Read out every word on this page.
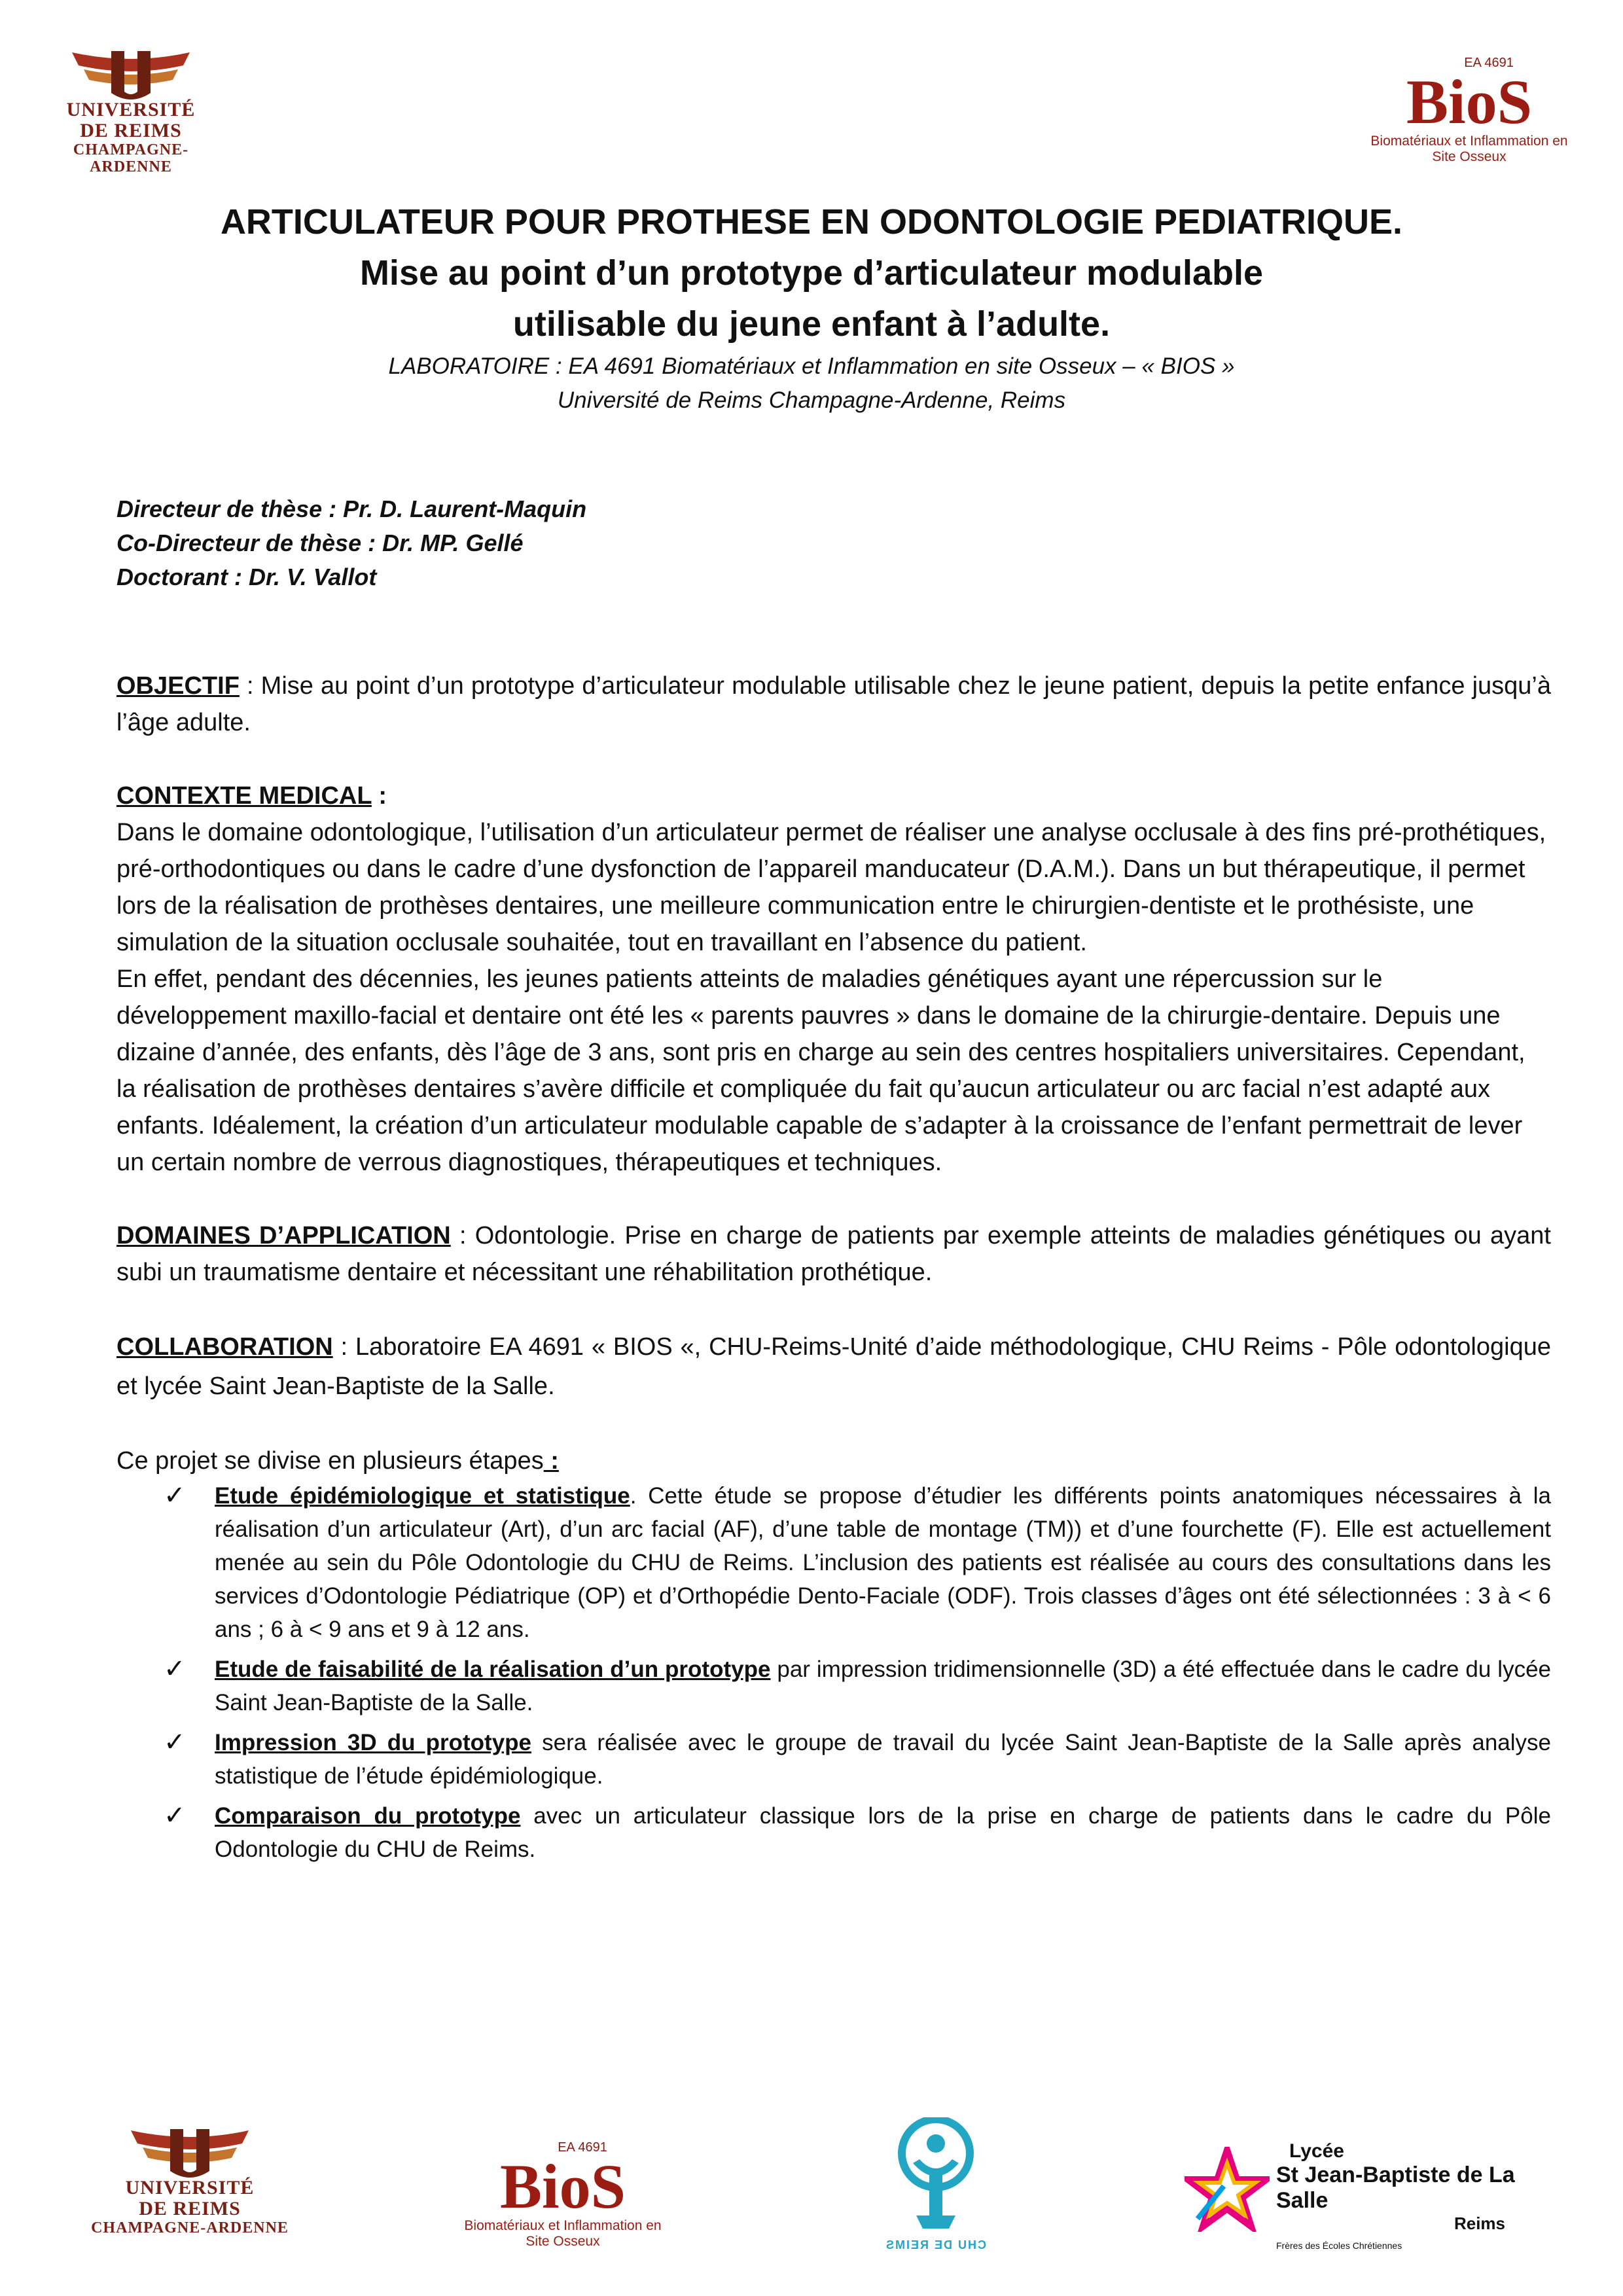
UNIVERSITÉ
DE REIMS
CHAMPAGNE-ARDENNE
EA 4691
BioS
Biomatériaux et Inflammation en Site Osseux
ARTICULATEUR POUR PROTHESE EN ODONTOLOGIE PEDIATRIQUE.
Mise au point d’un prototype d’articulateur modulable
utilisable du jeune enfant à l’adulte.
LABORATOIRE : EA 4691 Biomatériaux et Inflammation en site Osseux – « BIOS »
Université de Reims Champagne-Ardenne, Reims
Directeur de thèse : Pr. D. Laurent-Maquin
Co-Directeur de thèse : Dr. MP. Gellé
Doctorant : Dr. V. Vallot

OBJECTIF : Mise au point d’un prototype d’articulateur modulable utilisable chez le jeune patient, depuis la petite enfance jusqu’à l’âge adulte.

CONTEXTE MEDICAL :

Dans le domaine odontologique, l’utilisation d’un articulateur permet de réaliser une analyse occlusale à des fins pré-prothétiques, pré-orthodontiques ou dans le cadre d’une dysfonction de l’appareil manducateur (D.A.M.). Dans un but thérapeutique, il permet lors de la réalisation de prothèses dentaires, une meilleure communication entre le chirurgien-dentiste et le prothésiste, une simulation de la situation occlusale souhaitée, tout en travaillant en l’absence du patient.

En effet, pendant des décennies, les jeunes patients atteints de maladies génétiques ayant une répercussion sur le développement maxillo-facial et dentaire ont été les « parents pauvres » dans le domaine de la chirurgie-dentaire. Depuis une dizaine d’année, des enfants, dès l’âge de 3 ans, sont pris en charge au sein des centres hospitaliers universitaires. Cependant, la réalisation de prothèses dentaires s’avère difficile et compliquée du fait qu’aucun articulateur ou arc facial n’est adapté aux enfants. Idéalement, la création d’un articulateur modulable capable de s’adapter à la croissance de l’enfant permettrait de lever un certain nombre de verrous diagnostiques, thérapeutiques et techniques.

DOMAINES D’APPLICATION : Odontologie. Prise en charge de patients par exemple atteints de maladies génétiques ou ayant subi un traumatisme dentaire et nécessitant une réhabilitation prothétique.

COLLABORATION : Laboratoire EA 4691 « BIOS «, CHU-Reims-Unité d’aide méthodologique, CHU Reims - Pôle odontologique et lycée Saint Jean-Baptiste de la Salle.

Ce projet se divise en plusieurs étapes :

✓ Etude épidémiologique et statistique. Cette étude se propose d’étudier les différents points anatomiques nécessaires à la réalisation d’un articulateur (Art), d’un arc facial (AF), d’une table de montage (TM)) et d’une fourchette (F). Elle est actuellement menée au sein du Pôle Odontologie du CHU de Reims. L’inclusion des patients est réalisée au cours des consultations dans les services d’Odontologie Pédiatrique (OP) et d’Orthopédie Dento-Faciale (ODF). Trois classes d’âges ont été sélectionnées : 3 à < 6 ans ; 6 à < 9 ans et 9 à 12 ans.
✓ Etude de faisabilité de la réalisation d’un prototype par impression tridimensionnelle (3D) a été effectuée dans le cadre du lycée Saint Jean-Baptiste de la Salle.
✓ Impression 3D du prototype sera réalisée avec le groupe de travail du lycée Saint Jean-Baptiste de la Salle après analyse statistique de l’étude épidémiologique.
✓ Comparaison du prototype avec un articulateur classique lors de la prise en charge de patients dans le cadre du Pôle Odontologie du CHU de Reims.
UNIVERSITÉ
DE REIMS
CHAMPAGNE-ARDENNE
EA 4691
BioS
Biomatériaux et Inflammation en Site Osseux	CHU DE REIMS
Lycée
St Jean-Baptiste de La Salle
Reims
Frères des Écoles Chrétiennes
